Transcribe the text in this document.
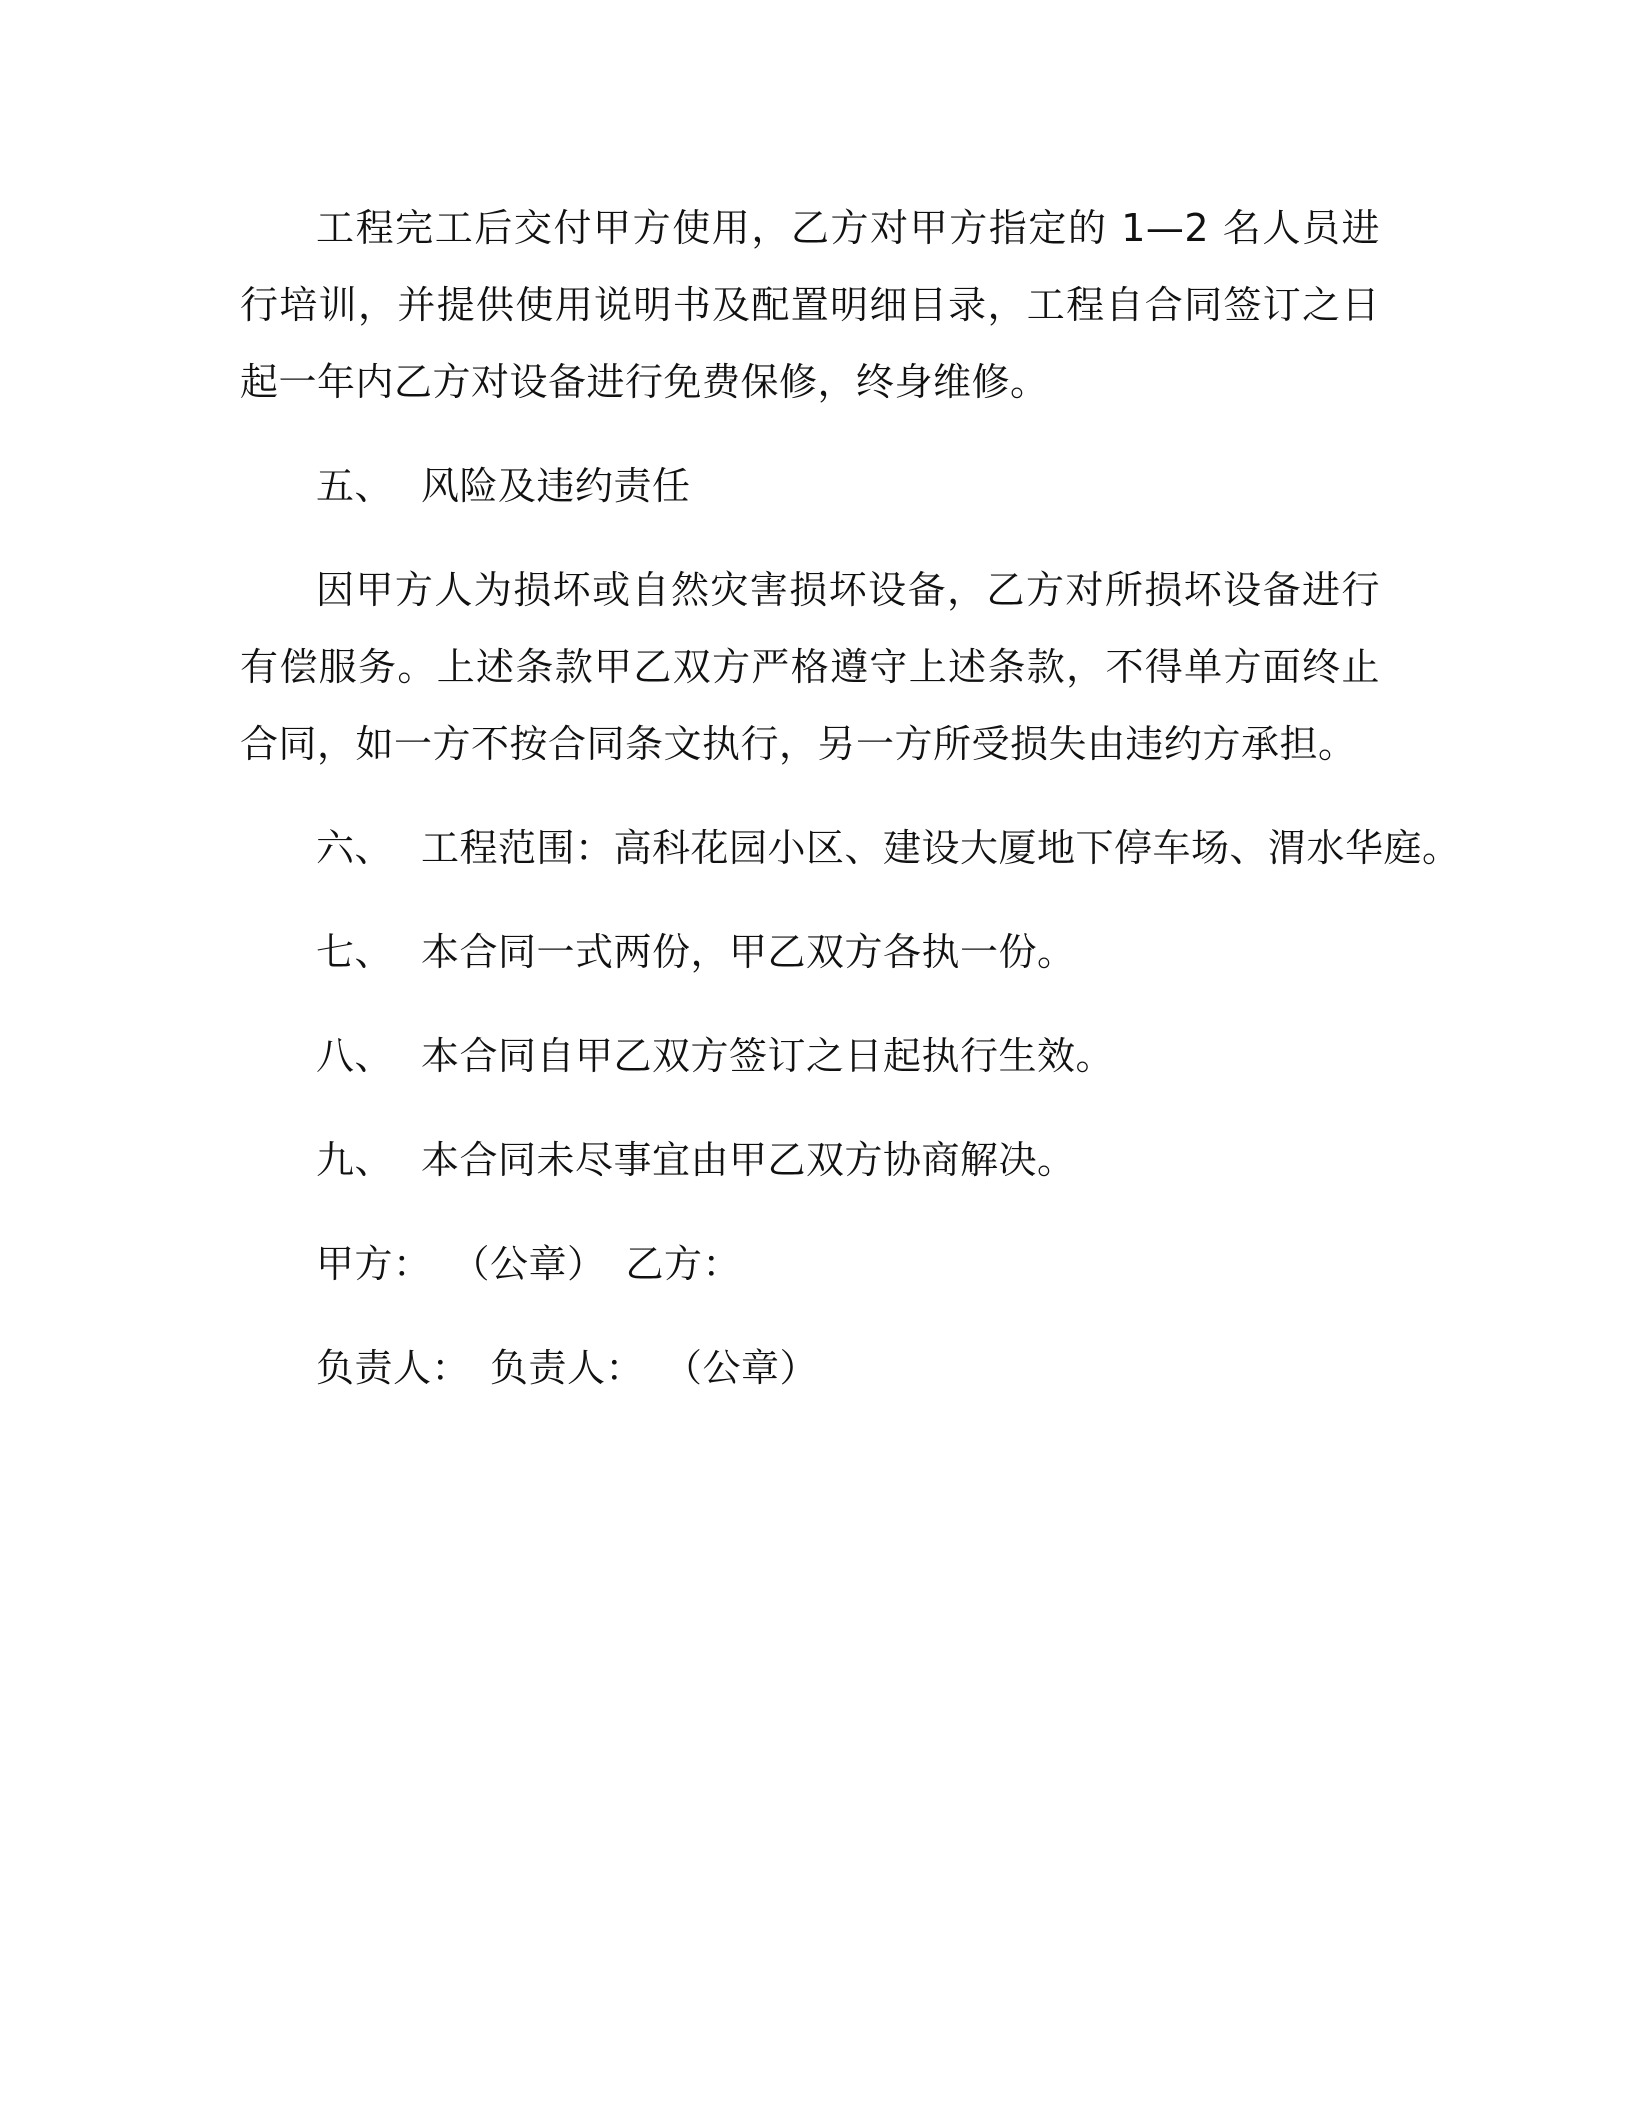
工程完工后交付甲方使用，乙方对甲方指定的 1—2 名人员进行培训，并提供使用说明书及配置明细目录，工程自合同签订之日起一年内乙方对设备进行免费保修，终身维修。

五、 风险及违约责任

因甲方人为损坏或自然灾害损坏设备，乙方对所损坏设备进行有偿服务。上述条款甲乙双方严格遵守上述条款，不得单方面终止合同，如一方不按合同条文执行，另一方所受损失由违约方承担。

六、 工程范围：高科花园小区、建设大厦地下停车场、渭水华庭。
七、 本合同一式两份，甲乙双方各执一份。
八、 本合同自甲乙双方签订之日起执行生效。
九、 本合同未尽事宜由甲乙双方协商解决。
甲方： （公章） 乙方：
负责人： 负责人： （公章）
